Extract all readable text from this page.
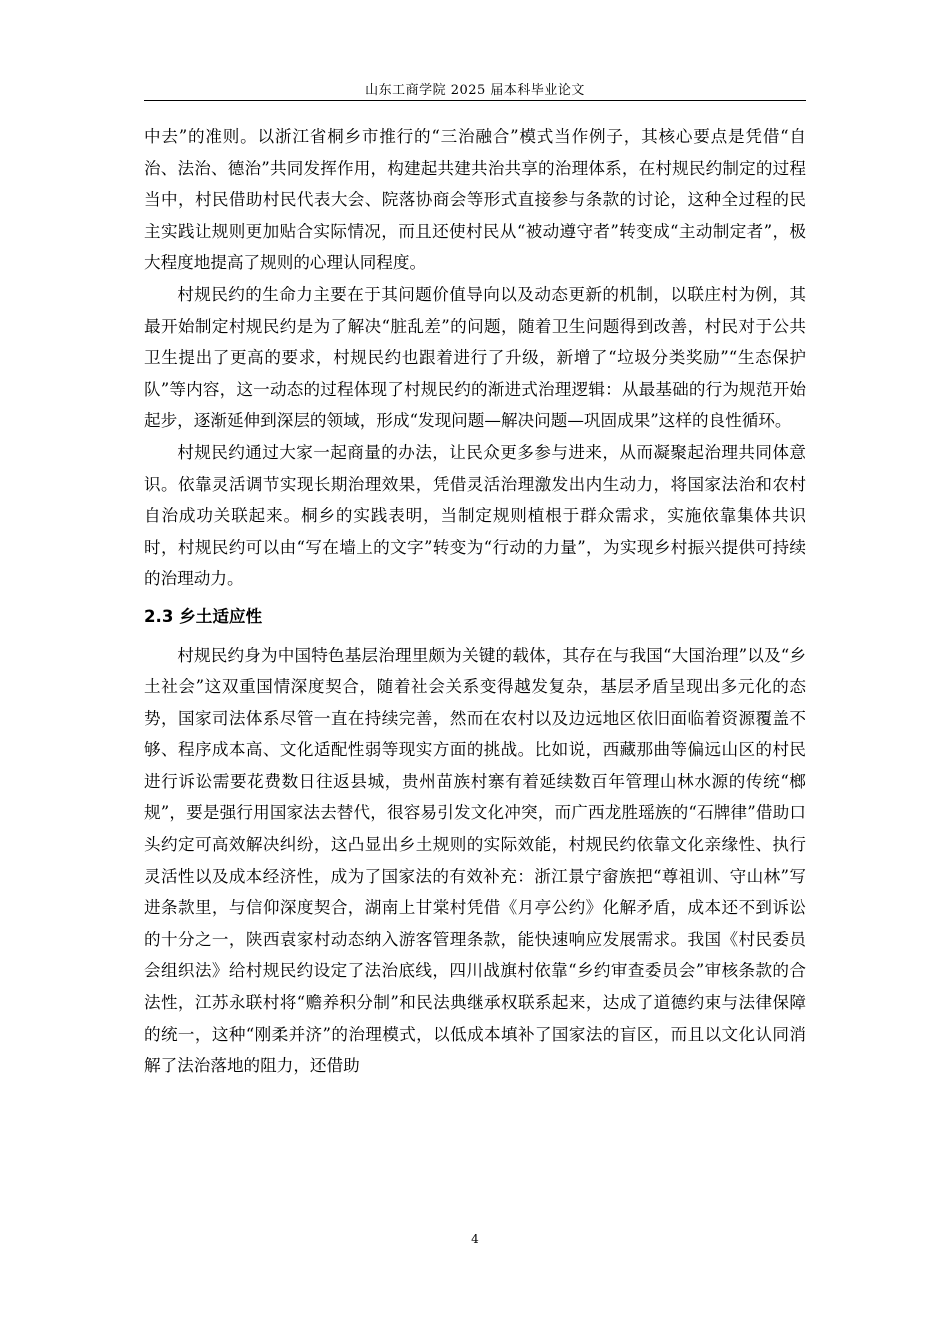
山东工商学院 2025 届本科毕业论文

中去”的准则。以浙江省桐乡市推行的“三治融合”模式当作例子，其核心要点是凭借“自治、法治、德治”共同发挥作用，构建起共建共治共享的治理体系，在村规民约制定的过程当中，村民借助村民代表大会、院落协商会等形式直接参与条款的讨论，这种全过程的民主实践让规则更加贴合实际情况，而且还使村民从“被动遵守者”转变成“主动制定者”，极大程度地提高了规则的心理认同程度。

村规民约的生命力主要在于其问题价值导向以及动态更新的机制，以联庄村为例，其最开始制定村规民约是为了解决“脏乱差”的问题，随着卫生问题得到改善，村民对于公共卫生提出了更高的要求，村规民约也跟着进行了升级，新增了“垃圾分类奖励”“生态保护队”等内容，这一动态的过程体现了村规民约的渐进式治理逻辑：从最基础的行为规范开始起步，逐渐延伸到深层的领域，形成“发现问题—解决问题—巩固成果”这样的良性循环。

村规民约通过大家一起商量的办法，让民众更多参与进来，从而凝聚起治理共同体意识。依靠灵活调节实现长期治理效果，凭借灵活治理激发出内生动力，将国家法治和农村自治成功关联起来。桐乡的实践表明，当制定规则植根于群众需求，实施依靠集体共识时，村规民约可以由“写在墙上的文字”转变为“行动的力量”，为实现乡村振兴提供可持续的治理动力。

2.3 乡土适应性

村规民约身为中国特色基层治理里颇为关键的载体，其存在与我国“大国治理”以及“乡土社会”这双重国情深度契合，随着社会关系变得越发复杂，基层矛盾呈现出多元化的态势，国家司法体系尽管一直在持续完善，然而在农村以及边远地区依旧面临着资源覆盖不够、程序成本高、文化适配性弱等现实方面的挑战。比如说，西藏那曲等偏远山区的村民进行诉讼需要花费数日往返县城，贵州苗族村寨有着延续数百年管理山林水源的传统“榔规”，要是强行用国家法去替代，很容易引发文化冲突，而广西龙胜瑶族的“石牌律”借助口头约定可高效解决纠纷，这凸显出乡土规则的实际效能，村规民约依靠文化亲缘性、执行灵活性以及成本经济性，成为了国家法的有效补充：浙江景宁畲族把“尊祖训、守山林”写进条款里，与信仰深度契合，湖南上甘棠村凭借《月亭公约》化解矛盾，成本还不到诉讼的十分之一，陕西袁家村动态纳入游客管理条款，能快速响应发展需求。我国《村民委员会组织法》给村规民约设定了法治底线，四川战旗村依靠“乡约审查委员会”审核条款的合法性，江苏永联村将“赡养积分制”和民法典继承权联系起来，达成了道德约束与法律保障的统一，这种“刚柔并济”的治理模式，以低成本填补了国家法的盲区，而且以文化认同消解了法治落地的阻力，还借助

4
